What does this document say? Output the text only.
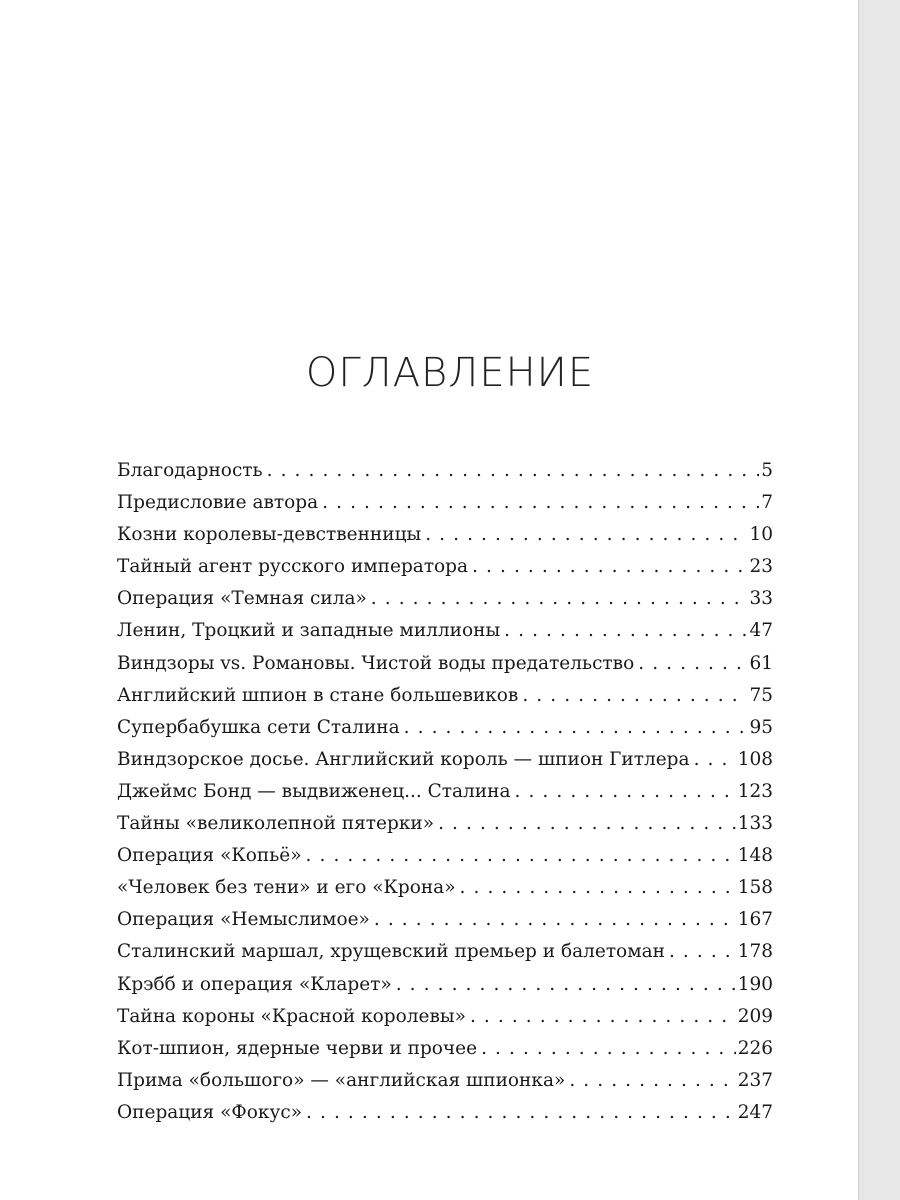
ОГЛАВЛЕНИЕ
Благодарность . . .	5
Предисловие автора . . .	7
Козни королевы-девственницы . . .	10
Тайный агент русского императора . . .	23
Операция «Темная сила» . . .	33
Ленин, Троцкий и западные миллионы . . .	47
Виндзоры vs. Романовы. Чистой воды предательство . . .	61
Английский шпион в стане большевиков . . .	75
Супербабушка сети Сталина . . .	95
Виндзорское досье. Английский король — шпион Гитлера . . .	108
Джеймс Бонд — выдвиженец... Сталина . . .	123
Тайны «великолепной пятерки» . . .	133
Операция «Копьё» . . .	148
«Человек без тени» и его «Крона» . . .	158
Операция «Немыслимое» . . .	167
Сталинский маршал, хрущевский премьер и балетоман . . .	178
Крэбб и операция «Кларет» . . .	190
Тайна короны «Красной королевы» . . .	209
Кот-шпион, ядерные черви и прочее . . .	226
Прима «большого» — «английская шпионка» . . .	237
Операция «Фокус» . . .	247
